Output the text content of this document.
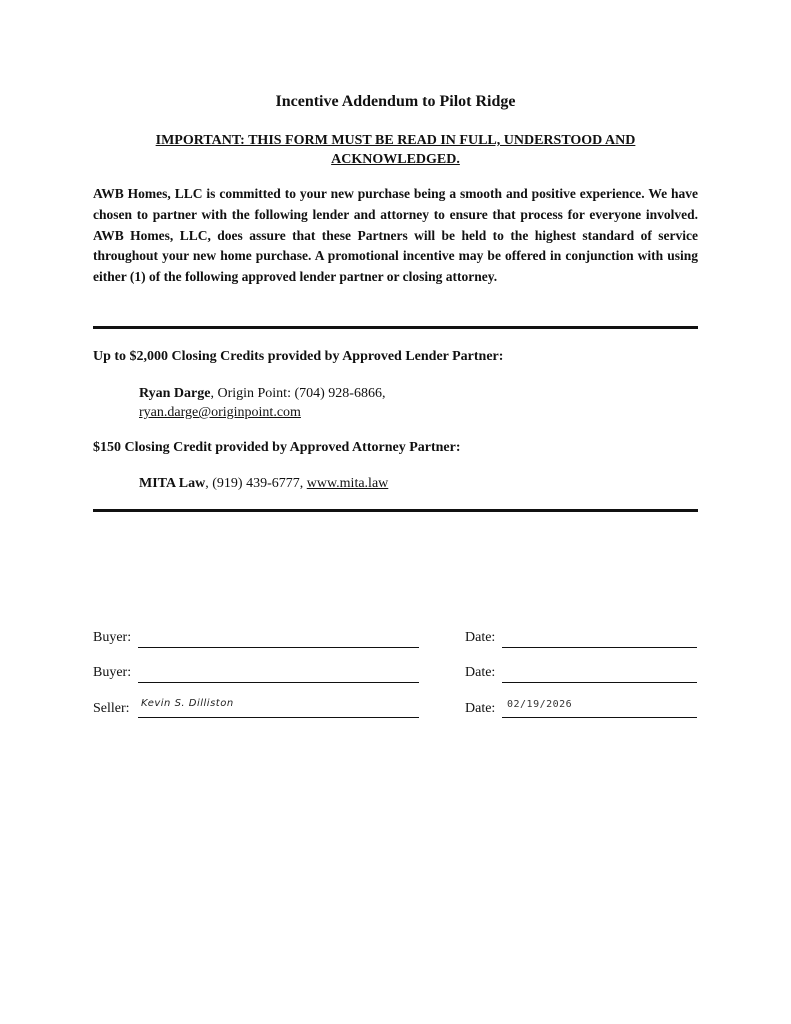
Incentive Addendum to Pilot Ridge
IMPORTANT: THIS FORM MUST BE READ IN FULL, UNDERSTOOD AND ACKNOWLEDGED.
AWB Homes, LLC is committed to your new purchase being a smooth and positive experience. We have chosen to partner with the following lender and attorney to ensure that process for everyone involved. AWB Homes, LLC, does assure that these Partners will be held to the highest standard of service throughout your new home purchase. A promotional incentive may be offered in conjunction with using either (1) of the following approved lender partner or closing attorney.
Up to $2,000 Closing Credits provided by Approved Lender Partner:
Ryan Darge, Origin Point: (704) 928-6866,
ryan.darge@originpoint.com
$150 Closing Credit provided by Approved Attorney Partner:
MITA Law, (919) 439-6777, www.mita.law
Buyer:	Date:
Buyer:	Date:
Seller: Kevin S. Dilliston	Date: 02/19/2026
